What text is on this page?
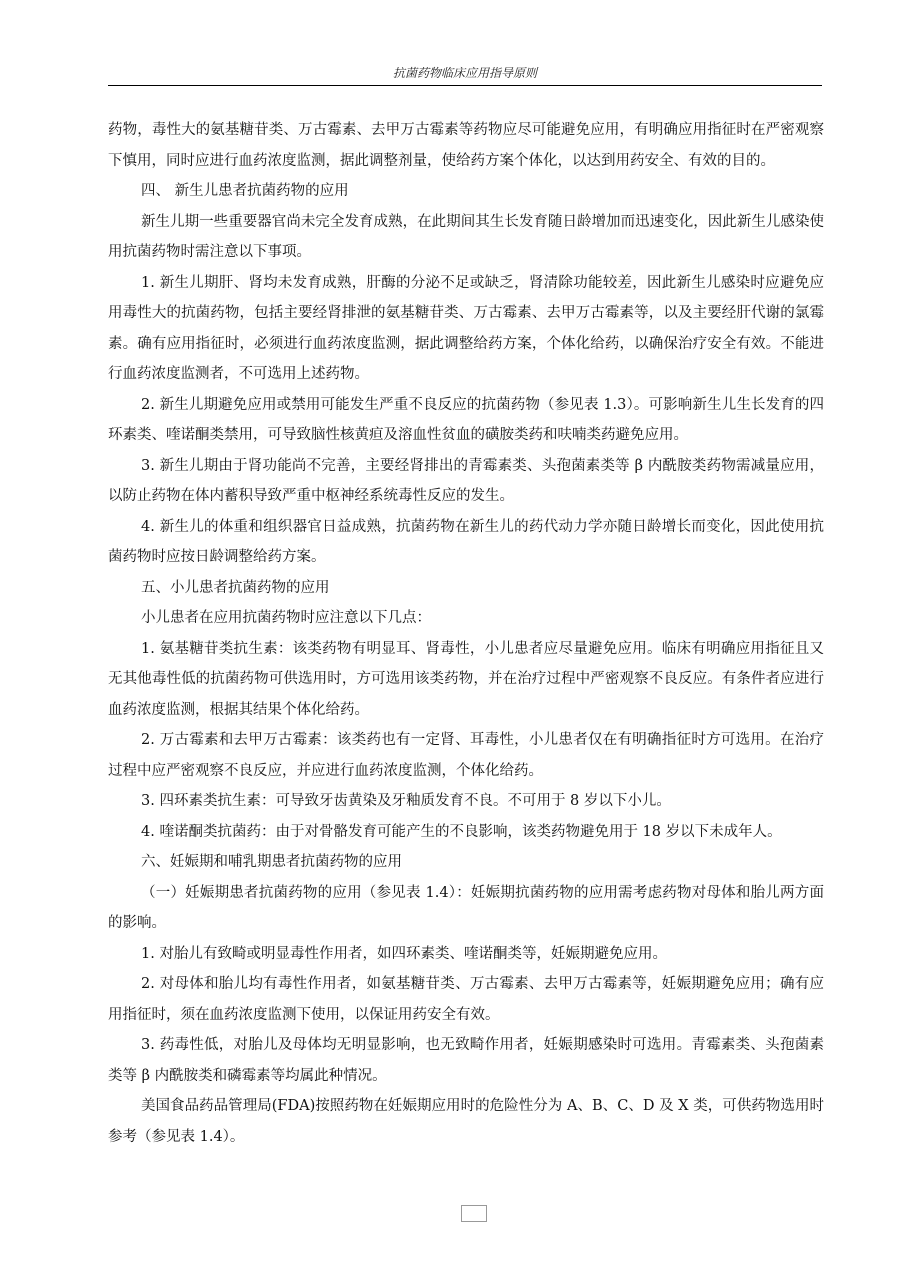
抗菌药物临床应用指导原则

药物，毒性大的氨基糖苷类、万古霉素、去甲万古霉素等药物应尽可能避免应用，有明确应用指征时在严密观察下慎用，同时应进行血药浓度监测，据此调整剂量，使给药方案个体化，以达到用药安全、有效的目的。

四、 新生儿患者抗菌药物的应用

新生儿期一些重要器官尚未完全发育成熟，在此期间其生长发育随日龄增加而迅速变化，因此新生儿感染使用抗菌药物时需注意以下事项。

1. 新生儿期肝、肾均未发育成熟，肝酶的分泌不足或缺乏，肾清除功能较差，因此新生儿感染时应避免应用毒性大的抗菌药物，包括主要经肾排泄的氨基糖苷类、万古霉素、去甲万古霉素等，以及主要经肝代谢的氯霉素。确有应用指征时，必须进行血药浓度监测，据此调整给药方案，个体化给药，以确保治疗安全有效。不能进行血药浓度监测者，不可选用上述药物。

2. 新生儿期避免应用或禁用可能发生严重不良反应的抗菌药物（参见表 1.3）。可影响新生儿生长发育的四环素类、喹诺酮类禁用，可导致脑性核黄疸及溶血性贫血的磺胺类药和呋喃类药避免应用。

3. 新生儿期由于肾功能尚不完善，主要经肾排出的青霉素类、头孢菌素类等 β 内酰胺类药物需减量应用，以防止药物在体内蓄积导致严重中枢神经系统毒性反应的发生。

4. 新生儿的体重和组织器官日益成熟，抗菌药物在新生儿的药代动力学亦随日龄增长而变化，因此使用抗菌药物时应按日龄调整给药方案。

五、小儿患者抗菌药物的应用

小儿患者在应用抗菌药物时应注意以下几点：

1. 氨基糖苷类抗生素：该类药物有明显耳、肾毒性，小儿患者应尽量避免应用。临床有明确应用指征且又无其他毒性低的抗菌药物可供选用时，方可选用该类药物，并在治疗过程中严密观察不良反应。有条件者应进行血药浓度监测，根据其结果个体化给药。

2. 万古霉素和去甲万古霉素：该类药也有一定肾、耳毒性，小儿患者仅在有明确指征时方可选用。在治疗过程中应严密观察不良反应，并应进行血药浓度监测，个体化给药。

3. 四环素类抗生素：可导致牙齿黄染及牙釉质发育不良。不可用于 8 岁以下小儿。

4. 喹诺酮类抗菌药：由于对骨骼发育可能产生的不良影响，该类药物避免用于 18 岁以下未成年人。

六、妊娠期和哺乳期患者抗菌药物的应用

（一）妊娠期患者抗菌药物的应用（参见表 1.4）：妊娠期抗菌药物的应用需考虑药物对母体和胎儿两方面的影响。

1. 对胎儿有致畸或明显毒性作用者，如四环素类、喹诺酮类等，妊娠期避免应用。

2. 对母体和胎儿均有毒性作用者，如氨基糖苷类、万古霉素、去甲万古霉素等，妊娠期避免应用；确有应用指征时，须在血药浓度监测下使用，以保证用药安全有效。

3. 药毒性低，对胎儿及母体均无明显影响，也无致畸作用者，妊娠期感染时可选用。青霉素类、头孢菌素类等 β 内酰胺类和磷霉素等均属此种情况。

美国食品药品管理局(FDA)按照药物在妊娠期应用时的危险性分为 A、B、C、D 及 X 类，可供药物选用时参考（参见表 1.4）。
